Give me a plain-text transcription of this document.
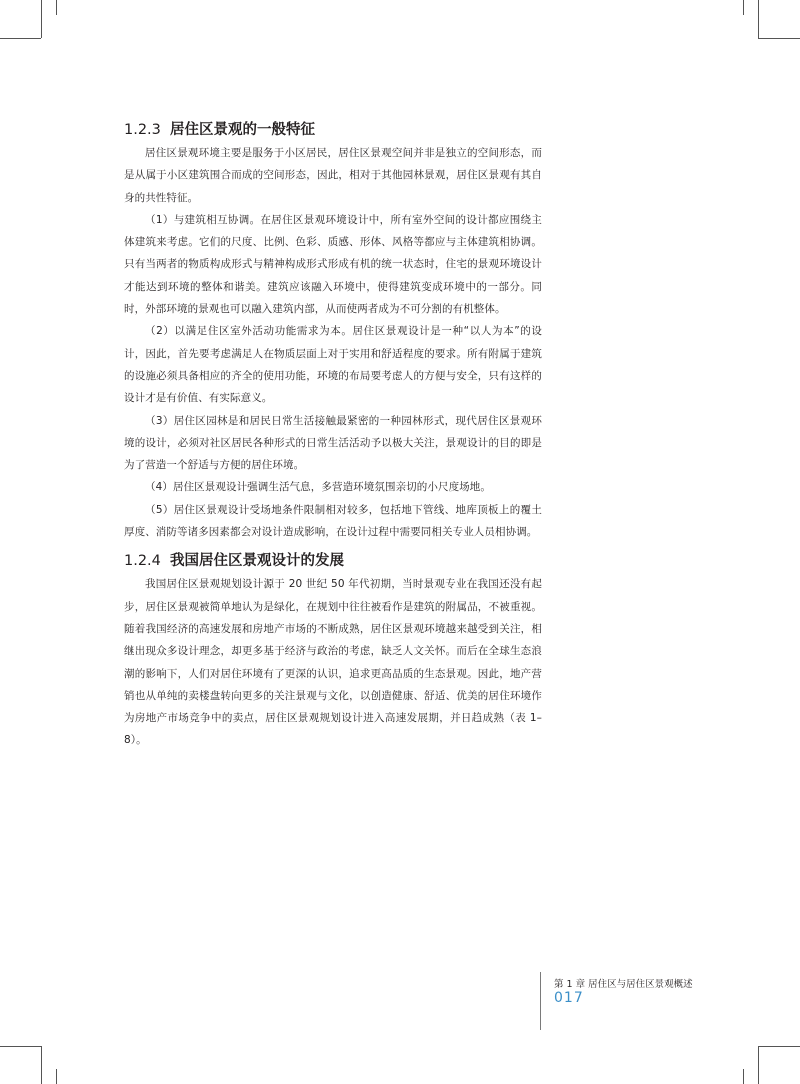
1.2.3 居住区景观的一般特征

居住区景观环境主要是服务于小区居民，居住区景观空间并非是独立的空间形态，而是从属于小区建筑围合而成的空间形态，因此，相对于其他园林景观，居住区景观有其自身的共性特征。

（1）与建筑相互协调。在居住区景观环境设计中，所有室外空间的设计都应围绕主体建筑来考虑。它们的尺度、比例、色彩、质感、形体、风格等都应与主体建筑相协调。只有当两者的物质构成形式与精神构成形式形成有机的统一状态时，住宅的景观环境设计才能达到环境的整体和谐美。建筑应该融入环境中，使得建筑变成环境中的一部分。同时，外部环境的景观也可以融入建筑内部，从而使两者成为不可分割的有机整体。

（2）以满足住区室外活动功能需求为本。居住区景观设计是一种“以人为本”的设计，因此，首先要考虑满足人在物质层面上对于实用和舒适程度的要求。所有附属于建筑的设施必须具备相应的齐全的使用功能，环境的布局要考虑人的方便与安全，只有这样的设计才是有价值、有实际意义。

（3）居住区园林是和居民日常生活接触最紧密的一种园林形式，现代居住区景观环境的设计，必须对社区居民各种形式的日常生活活动予以极大关注，景观设计的目的即是为了营造一个舒适与方便的居住环境。

（4）居住区景观设计强调生活气息，多营造环境氛围亲切的小尺度场地。

（5）居住区景观设计受场地条件限制相对较多，包括地下管线、地库顶板上的覆土厚度、消防等诸多因素都会对设计造成影响，在设计过程中需要同相关专业人员相协调。

1.2.4 我国居住区景观设计的发展

我国居住区景观规划设计源于 20 世纪 50 年代初期，当时景观专业在我国还没有起步，居住区景观被简单地认为是绿化，在规划中往往被看作是建筑的附属品，不被重视。随着我国经济的高速发展和房地产市场的不断成熟，居住区景观环境越来越受到关注，相继出现众多设计理念，却更多基于经济与政治的考虑，缺乏人文关怀。而后在全球生态浪潮的影响下，人们对居住环境有了更深的认识，追求更高品质的生态景观。因此，地产营销也从单纯的卖楼盘转向更多的关注景观与文化，以创造健康、舒适、优美的居住环境作为房地产市场竞争中的卖点，居住区景观规划设计进入高速发展期，并日趋成熟（表 1–8）。

第 1 章 居住区与居住区景观概述
017
